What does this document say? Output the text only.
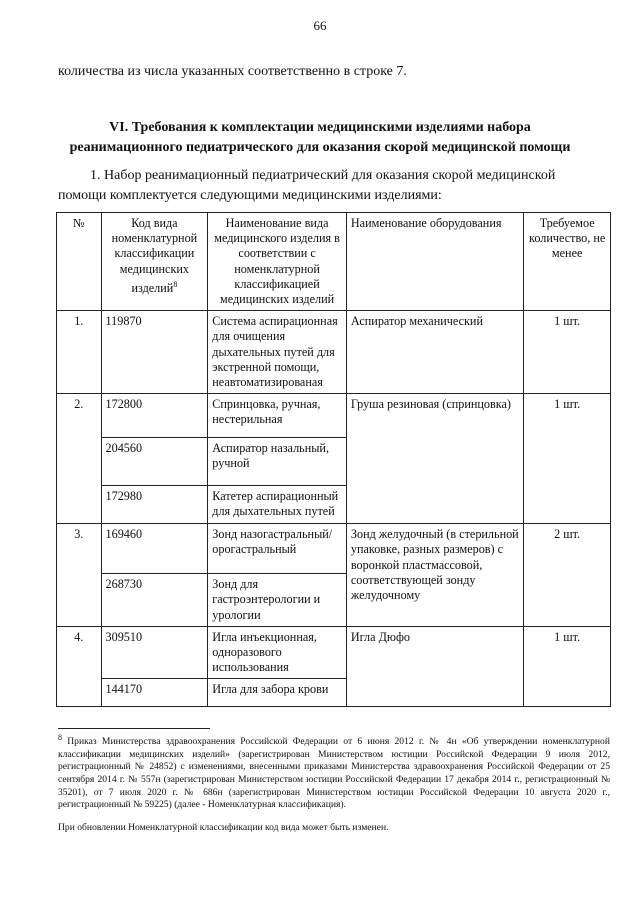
66
количества из числа указанных соответственно в строке 7.
VI. Требования к комплектации медицинскими изделиями набора
реанимационного педиатрического для оказания скорой медицинской помощи
1. Набор реанимационный педиатрический для оказания скорой медицинской помощи комплектуется следующими медицинскими изделиями:
№	Код вида номенклатурной классификации медицинских изделий$^8$	Наименование вида медицинского изделия в соответствии с номенклатурной классификацией медицинских изделий	Наименование оборудования	Требуемое количество, не менее
1.	119870	Система аспирационная для очищения дыхательных путей для экстренной помощи, неавтоматизированая	Аспиратор механический	1 шт.
2.	172800	Спринцовка, ручная, нестерильная	Груша резиновая (спринцовка)	1 шт.
	204560	Аспиратор назальный, ручной		
	172980	Катетер аспирационный для дыхательных путей		
3.	169460	Зонд назогастральный/орогастральный	Зонд желудочный (в стерильной упаковке, разных размеров) с воронкой пластмассовой, соответствующей зонду желудочному	2 шт.
	268730	Зонд для гастроэнтерологии и урологии		
4.	309510	Игла инъекционная, одноразового использования	Игла Дюфо	1 шт.
	144170	Игла для забора крови		
$^8$ Приказ Министерства здравоохранения Российской Федерации от 6 июня 2012 г. № 4н «Об утверждении номенклатурной классификации медицинских изделий» (зарегистрирован Министерством юстиции Российской Федерации 9 июля 2012, регистрационный № 24852) с изменениями, внесенными приказами Министерства здравоохранения Российской Федерации от 25 сентября 2014 г. № 557н (зарегистрирован Министерством юстиции Российской Федерации 17 декабря 2014 г., регистрационный № 35201), от 7 июля 2020 г. № 686н (зарегистрирован Министерством юстиции Российской Федерации 10 августа 2020 г., регистрационный № 59225) (далее - Номенклатурная классификация).
При обновлении Номенклатурной классификации код вида может быть изменен.
